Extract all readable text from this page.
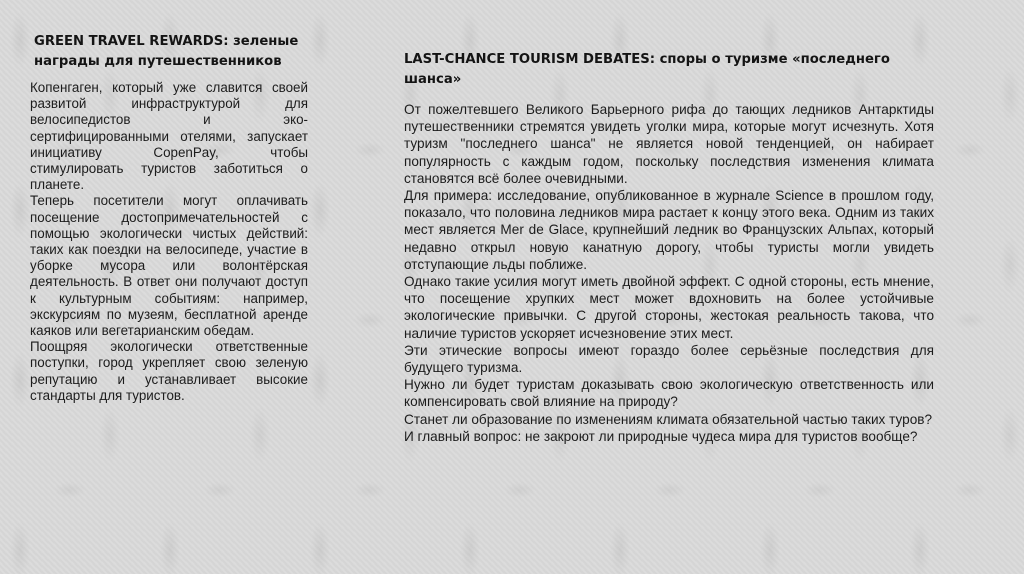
GREEN TRAVEL REWARDS: зеленые награды для путешественников

Копенгаген, который уже славится своей развитой инфраструктурой для велосипедистов и эко-сертифицированными отелями, запускает инициативу CopenPay, чтобы стимулировать туристов заботиться о планете.

Теперь посетители могут оплачивать посещение достопримечательностей с помощью экологически чистых действий: таких как поездки на велосипеде, участие в уборке мусора или волонтёрская деятельность. В ответ они получают доступ к культурным событиям: например, экскурсиям по музеям, бесплатной аренде каяков или вегетарианским обедам.

Поощряя экологически ответственные поступки, город укрепляет свою зеленую репутацию и устанавливает высокие стандарты для туристов.

LAST-CHANCE TOURISM DEBATES: споры о туризме «последнего шанса»

От пожелтевшего Великого Барьерного рифа до тающих ледников Антарктиды путешественники стремятся увидеть уголки мира, которые могут исчезнуть. Хотя туризм "последнего шанса" не является новой тенденцией, он набирает популярность с каждым годом, поскольку последствия изменения климата становятся всё более очевидными.

Для примера: исследование, опубликованное в журнале Science в прошлом году, показало, что половина ледников мира растает к концу этого века. Одним из таких мест является Mer de Glace, крупнейший ледник во Французских Альпах, который недавно открыл новую канатную дорогу, чтобы туристы могли увидеть отступающие льды поближе.

Однако такие усилия могут иметь двойной эффект. С одной стороны, есть мнение, что посещение хрупких мест может вдохновить на более устойчивые экологические привычки. С другой стороны, жестокая реальность такова, что наличие туристов ускоряет исчезновение этих мест.

Эти этические вопросы имеют гораздо более серьёзные последствия для будущего туризма.

Нужно ли будет туристам доказывать свою экологическую ответственность или компенсировать свой влияние на природу?

Станет ли образование по изменениям климата обязательной частью таких туров?

И главный вопрос: не закроют ли природные чудеса мира для туристов вообще?
